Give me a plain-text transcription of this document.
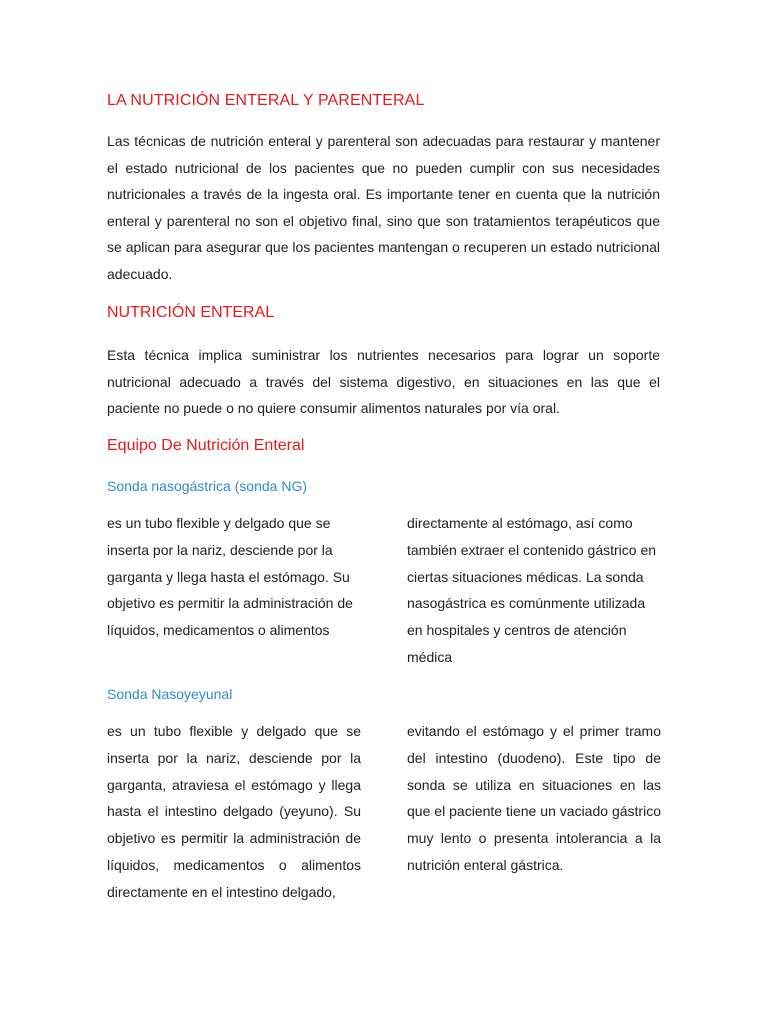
LA NUTRICIÓN ENTERAL Y PARENTERAL

Las técnicas de nutrición enteral y parenteral son adecuadas para restaurar y mantener el estado nutricional de los pacientes que no pueden cumplir con sus necesidades nutricionales a través de la ingesta oral. Es importante tener en cuenta que la nutrición enteral y parenteral no son el objetivo final, sino que son tratamientos terapéuticos que se aplican para asegurar que los pacientes mantengan o recuperen un estado nutricional adecuado.

NUTRICIÓN ENTERAL

Esta técnica implica suministrar los nutrientes necesarios para lograr un soporte nutricional adecuado a través del sistema digestivo, en situaciones en las que el paciente no puede o no quiere consumir alimentos naturales por vía oral.

Equipo De Nutrición Enteral
Sonda nasogástrica (sonda NG)

es un tubo flexible y delgado que se inserta por la nariz, desciende por la garganta y llega hasta el estómago. Su objetivo es permitir la administración de líquidos, medicamentos o alimentos

directamente al estómago, así como también extraer el contenido gástrico en ciertas situaciones médicas. La sonda nasogástrica es comúnmente utilizada en hospitales y centros de atención médica

Sonda Nasoyeyunal

es un tubo flexible y delgado que se inserta por la nariz, desciende por la garganta, atraviesa el estómago y llega hasta el intestino delgado (yeyuno). Su objetivo es permitir la administración de líquidos, medicamentos o alimentos directamente en el intestino delgado,

evitando el estómago y el primer tramo del intestino (duodeno). Este tipo de sonda se utiliza en situaciones en las que el paciente tiene un vaciado gástrico muy lento o presenta intolerancia a la nutrición enteral gástrica.
